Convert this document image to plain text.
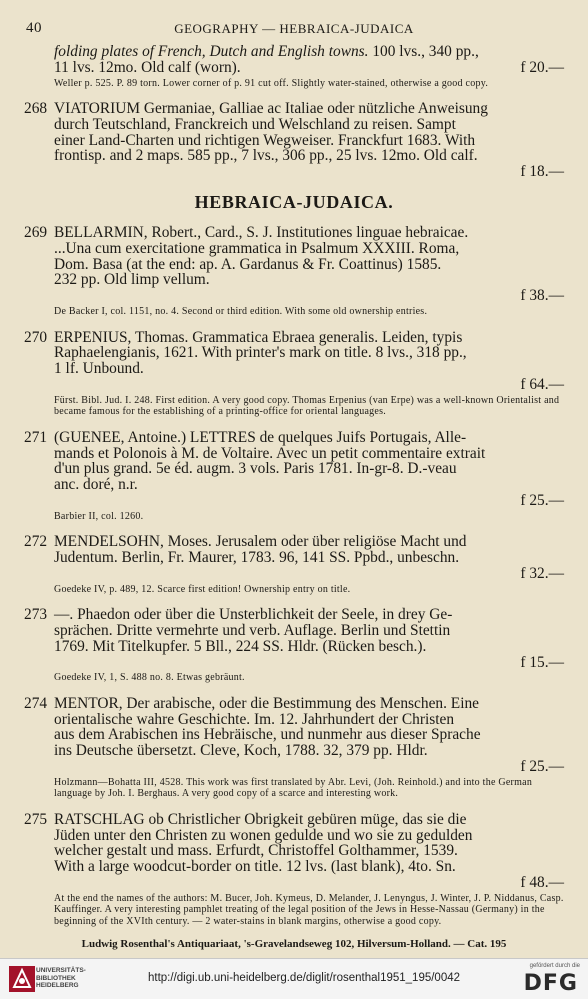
40	GEOGRAPHY — HEBRAICA-JUDAICA
folding plates of French, Dutch and English towns. 100 lvs., 340 pp.,
11 lvs. 12mo. Old calf (worn).	f 20.—
Weller p. 525. P. 89 torn. Lower corner of p. 91 cut off. Slightly water-stained, otherwise a good copy.
268 VIATORIUM Germaniae, Galliae ac Italiae oder nützliche Anweisung
durch Teutschland, Franckreich und Welschland zu reisen. Sampt
einer Land-Charten und richtigen Wegweiser. Franckfurt 1683. With
frontisp. and 2 maps. 585 pp., 7 lvs., 306 pp., 25 lvs. 12mo. Old calf.
f 18.—
HEBRAICA-JUDAICA.
269 BELLARMIN, Robert., Card., S. J. Institutiones linguae hebraicae.
...Una cum exercitatione grammatica in Psalmum XXXIII. Roma,
Dom. Basa (at the end: ap. A. Gardanus & Fr. Coattinus) 1585.
232 pp. Old limp vellum.
f 38.—
De Backer I, col. 1151, no. 4. Second or third edition. With some old ownership entries.
270 ERPENIUS, Thomas. Grammatica Ebraea generalis. Leiden, typis
Raphaelengianis, 1621. With printer's mark on title. 8 lvs., 318 pp.,
1 lf. Unbound.
f 64.—
Fürst. Bibl. Jud. I. 248. First edition. A very good copy. Thomas Erpenius (van Erpe) was a well-known Orientalist and became famous for the establishing of a printing-office for oriental languages.
271 (GUENEE, Antoine.) LETTRES de quelques Juifs Portugais, Alle-
mands et Polonois à M. de Voltaire. Avec un petit commentaire extrait
d'un plus grand. 5e éd. augm. 3 vols. Paris 1781. In-gr-8. D.-veau
anc. doré, n.r.
f 25.—
Barbier II, col. 1260.
272 MENDELSOHN, Moses. Jerusalem oder über religiöse Macht und
Judentum. Berlin, Fr. Maurer, 1783. 96, 141 SS. Ppbd., unbeschn.
f 32.—
Goedeke IV, p. 489, 12. Scarce first edition! Ownership entry on title.
273 —. Phaedon oder über die Unsterblichkeit der Seele, in drey Ge-
sprächen. Dritte vermehrte und verb. Auflage. Berlin und Stettin
1769. Mit Titelkupfer. 5 Bll., 224 SS. Hldr. (Rücken besch.).
f 15.—
Goedeke IV, 1, S. 488 no. 8. Etwas gebräunt.
274 MENTOR, Der arabische, oder die Bestimmung des Menschen. Eine
orientalische wahre Geschichte. Im. 12. Jahrhundert der Christen
aus dem Arabischen ins Hebräische, und nunmehr aus dieser Sprache
ins Deutsche übersetzt. Cleve, Koch, 1788. 32, 379 pp. Hldr.
f 25.—
Holzmann—Bohatta III, 4528. This work was first translated by Abr. Levi, (Joh. Reinhold.) and into the German language by Joh. I. Berghaus. A very good copy of a scarce and interesting work.
275 RATSCHLAG ob Christlicher Obrigkeit gebüren müge, das sie die
Jüden unter den Christen zu wonen gedulde und wo sie zu gedulden
welcher gestalt und mass. Erfurdt, Christoffel Golthammer, 1539.
With a large woodcut-border on title. 12 lvs. (last blank), 4to. Sn.
f 48.—
At the end the names of the authors: M. Bucer, Joh. Kymeus, D. Melander, J. Lenyngus, J. Winter, J. P. Niddanus, Casp. Kauffinger. A very interesting pamphlet treating of the legal position of the Jews in Hesse-Nassau (Germany) in the beginning of the XVIth century. — 2 water-stains in blank margins, otherwise a good copy.
Ludwig Rosenthal's Antiquariaat, 's-Gravelandseweg 102, Hilversum-Holland. — Cat. 195
UNIVERSITÄTS-
BIBLIOTHEK
HEIDELBERG
http://digi.ub.uni-heidelberg.de/diglit/rosenthal1951_195/0042
gefördert durch die
DFG
